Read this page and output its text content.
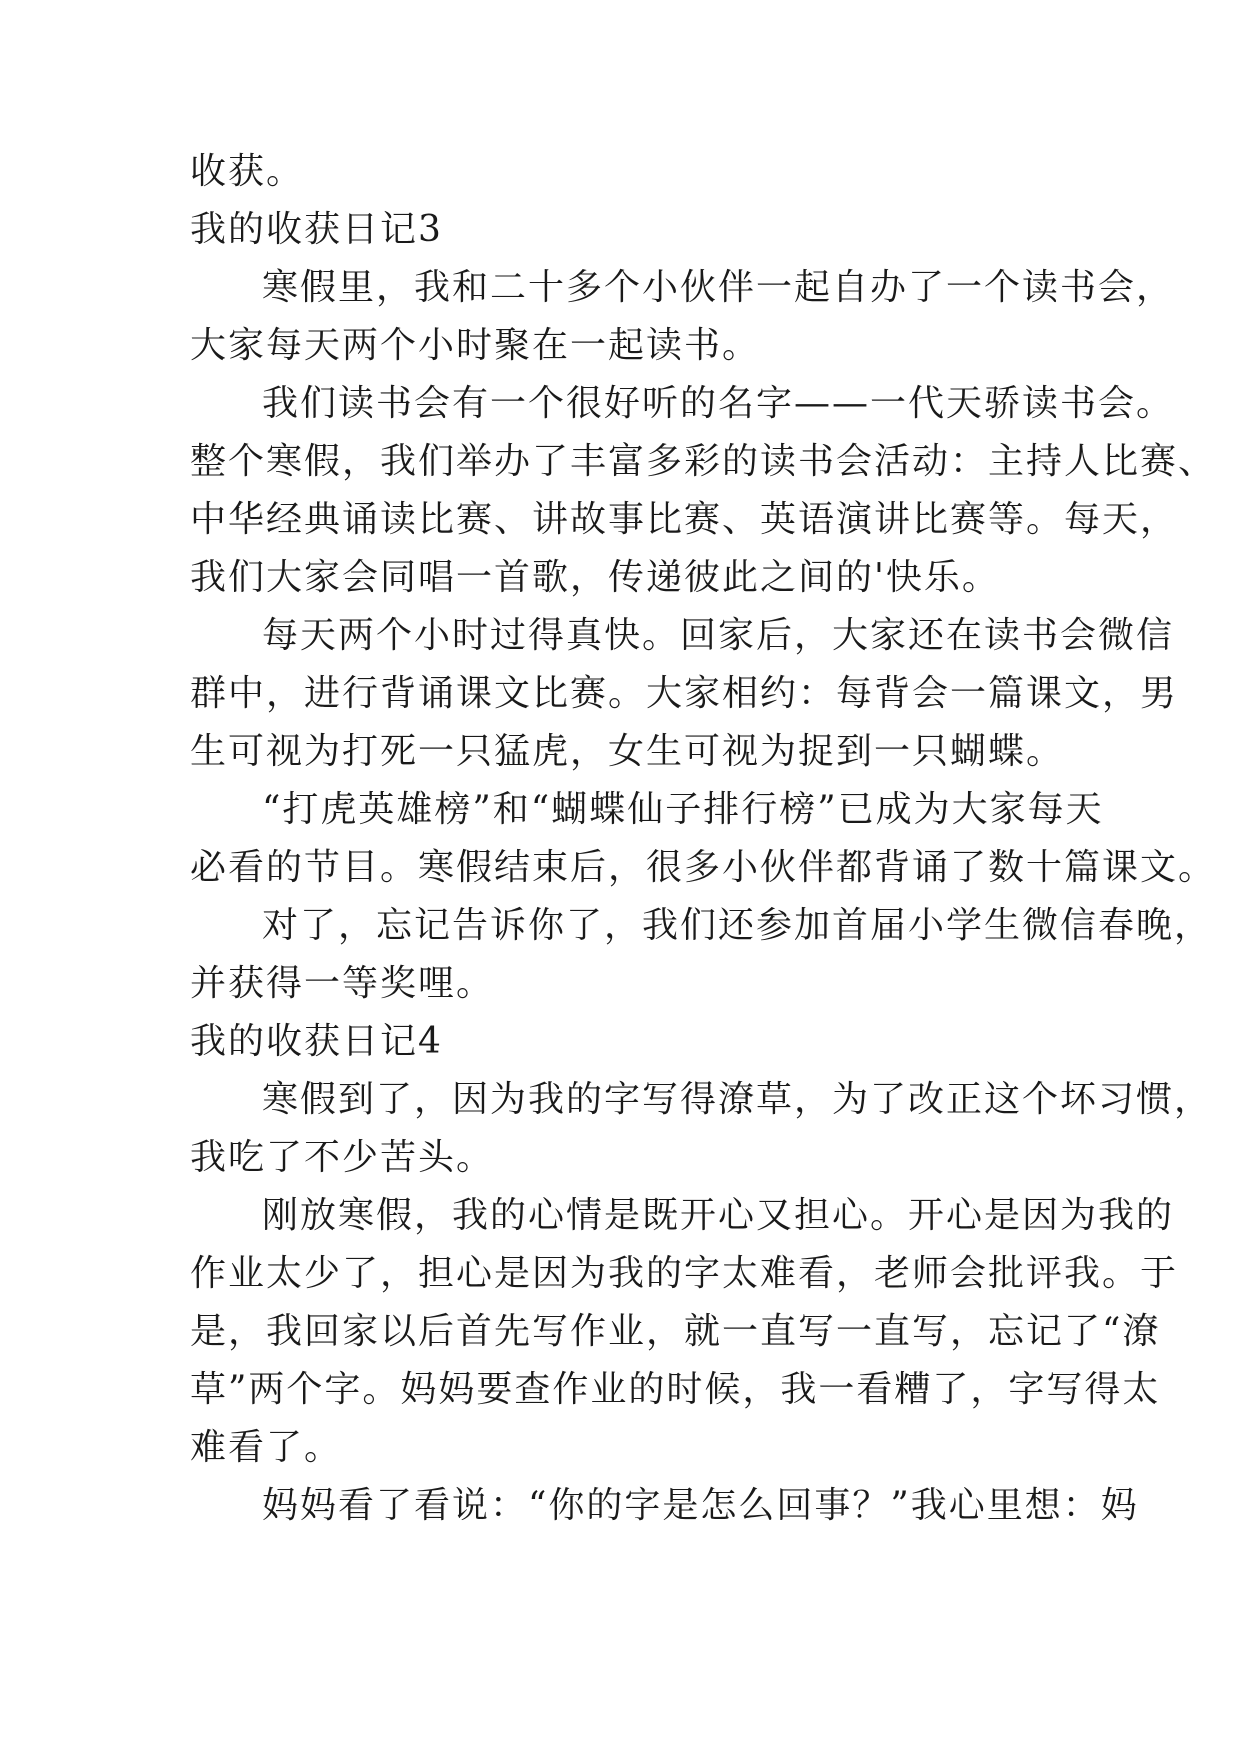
收获。
我的收获日记3
寒假里，我和二十多个小伙伴一起自办了一个读书会，
大家每天两个小时聚在一起读书。
我们读书会有一个很好听的名字——一代天骄读书会。
整个寒假，我们举办了丰富多彩的读书会活动：主持人比赛、
中华经典诵读比赛、讲故事比赛、英语演讲比赛等。每天，
我们大家会同唱一首歌，传递彼此之间的'快乐。
每天两个小时过得真快。回家后，大家还在读书会微信
群中，进行背诵课文比赛。大家相约：每背会一篇课文，男
生可视为打死一只猛虎，女生可视为捉到一只蝴蝶。
“打虎英雄榜”和“蝴蝶仙子排行榜”已成为大家每天
必看的节目。寒假结束后，很多小伙伴都背诵了数十篇课文。
对了，忘记告诉你了，我们还参加首届小学生微信春晚，
并获得一等奖哩。
我的收获日记4
寒假到了，因为我的字写得潦草，为了改正这个坏习惯，
我吃了不少苦头。
刚放寒假，我的心情是既开心又担心。开心是因为我的
作业太少了，担心是因为我的字太难看，老师会批评我。于
是，我回家以后首先写作业，就一直写一直写，忘记了“潦
草”两个字。妈妈要查作业的时候，我一看糟了，字写得太
难看了。
妈妈看了看说：“你的字是怎么回事？”我心里想：妈
